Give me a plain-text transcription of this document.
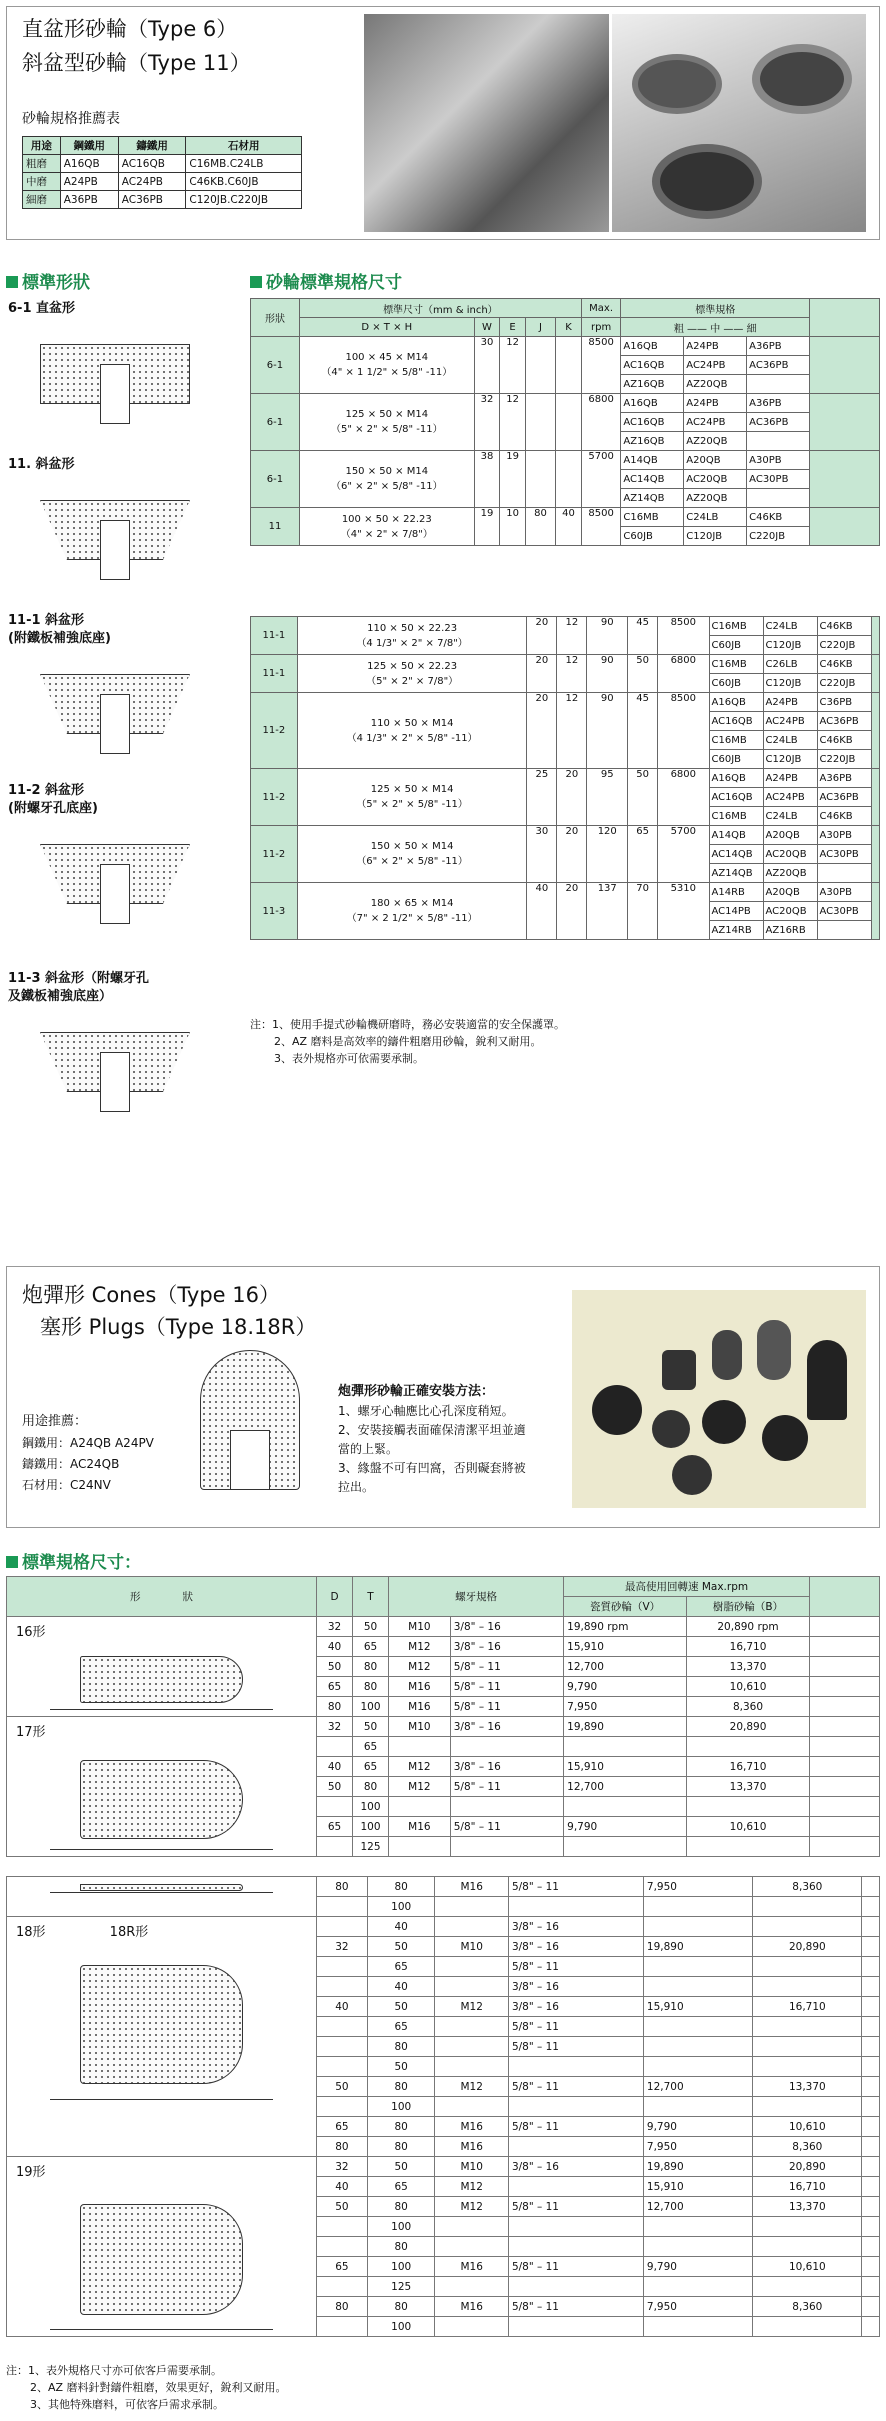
直盆形砂輪（Type 6）
斜盆型砂輪（Type 11）
砂輪規格推薦表
用途	鋼鐵用	鑄鐵用	石材用
粗磨	A16QB	AC16QB	C16MB.C24LB
中磨	A24PB	AC24PB	C46KB.C60JB
細磨	A36PB	AC36PB	C120JB.C220JB
標準形狀
6-1 直盆形
11. 斜盆形
11-1 斜盆形
(附鐵板補強底座)
11-2 斜盆形
(附螺牙孔底座)
11-3 斜盆形（附螺牙孔
及鐵板補強底座）
砂輪標準規格尺寸
形狀	標準尺寸（mm & inch）					Max.	標準規格			
	D × T × H	W	E	J	K	rpm	粗 —— 中 —— 細			
6-1	100 × 45 × M14
（4" × 1 1/2" × 5/8" -11）	30	12			8500	A16QB	A24PB	A36PB	
							AC16QB	AC24PB	AC36PB	
							AZ16QB	AZ20QB		
6-1	125 × 50 × M14
（5" × 2" × 5/8" -11）	32	12			6800	A16QB	A24PB	A36PB	
							AC16QB	AC24PB	AC36PB	
							AZ16QB	AZ20QB		
6-1	150 × 50 × M14
（6" × 2" × 5/8" -11）	38	19			5700	A14QB	A20QB	A30PB	
							AC14QB	AC20QB	AC30PB	
							AZ14QB	AZ20QB		
11	100 × 50 × 22.23
（4" × 2" × 7/8"）	19	10	80	40	8500	C16MB	C24LB	C46KB	
							C60JB	C120JB	C220JB	
11-1	110 × 50 × 22.23
（4 1/3" × 2" × 7/8"）	20	12	90	45	8500	C16MB	C24LB	C46KB	
							C60JB	C120JB	C220JB	
11-1	125 × 50 × 22.23
（5" × 2" × 7/8"）	20	12	90	50	6800	C16MB	C26LB	C46KB	
							C60JB	C120JB	C220JB	
11-2	110 × 50 × M14
（4 1/3" × 2" × 5/8" -11）	20	12	90	45	8500	A16QB	A24PB	C36PB	
							AC16QB	AC24PB	AC36PB	
							C16MB	C24LB	C46KB	
							C60JB	C120JB	C220JB	
11-2	125 × 50 × M14
（5" × 2" × 5/8" -11）	25	20	95	50	6800	A16QB	A24PB	A36PB	
							AC16QB	AC24PB	AC36PB	
							C16MB	C24LB	C46KB	
11-2	150 × 50 × M14
（6" × 2" × 5/8" -11）	30	20	120	65	5700	A14QB	A20QB	A30PB	
							AC14QB	AC20QB	AC30PB	
							AZ14QB	AZ20QB		
11-3	180 × 65 × M14
（7" × 2 1/2" × 5/8" -11）	40	20	137	70	5310	A14RB	A20QB	A30PB	
							AC14PB	AC20QB	AC30PB	
							AZ14RB	AZ16RB		
注：1、使用手提式砂輪機研磨時，務必安裝適當的安全保護罩。
2、AZ 磨料是高效率的鑄件粗磨用砂輪，銳利又耐用。
3、表外規格亦可依需要承制。
炮彈形 Cones（Type 16）
塞形 Plugs（Type 18.18R）
用途推薦：
鋼鐵用：A24QB A24PV
鑄鐵用：AC24QB
石材用：C24NV
炮彈形砂輪正確安裝方法：
1、螺牙心軸應比心孔深度稍短。
2、安裝接觸表面確保清潔平坦並適
當的上緊。
3、緣盤不可有凹窩，否則礙套將被
拉出。
標準規格尺寸：
形　　　　狀	D	T	螺牙規格		最高使用回轉速 Max.rpm		
					瓷質砂輪（V）	樹脂砂輪（B）	

16形	32	50	M10	3/8" – 16	19,890 rpm	20,890 rpm	
	40	65	M12	3/8" – 16	15,910	16,710	
	50	80	M12	5/8" – 11	12,700	13,370	
	65	80	M16	5/8" – 11	9,790	10,610	
	80	100	M16	5/8" – 11	7,950	8,360	

17形	32	50	M10	3/8" – 16	19,890	20,890	
		65					
	40	65	M12	3/8" – 16	15,910	16,710	
	50	80	M12	5/8" – 11	12,700	13,370	
		100					
	65	100	M16	5/8" – 11	9,790	10,610	
		125					
	80	80	M16	5/8" – 11	7,950	8,360	
		100					

18形 18R形		40		3/8" – 16			
	32	50	M10	3/8" – 16	19,890	20,890	
		65		5/8" – 11			
		40		3/8" – 16			
	40	50	M12	3/8" – 16	15,910	16,710	
		65		5/8" – 11			
		80		5/8" – 11			
		50					
	50	80	M12	5/8" – 11	12,700	13,370	
		100					
	65	80	M16	5/8" – 11	9,790	10,610	
	80	80	M16		7,950	8,360	

19形	32	50	M10	3/8" – 16	19,890	20,890	
	40	65	M12		15,910	16,710	
	50	80	M12	5/8" – 11	12,700	13,370	
		100					
		80					
	65	100	M16	5/8" – 11	9,790	10,610	
		125					
	80	80	M16	5/8" – 11	7,950	8,360	
		100					
注：1、表外規格尺寸亦可依客戶需要承制。
2、AZ 磨料針對鑄件粗磨，效果更好，銳利又耐用。
3、其他特殊磨料，可依客戶需求承制。
